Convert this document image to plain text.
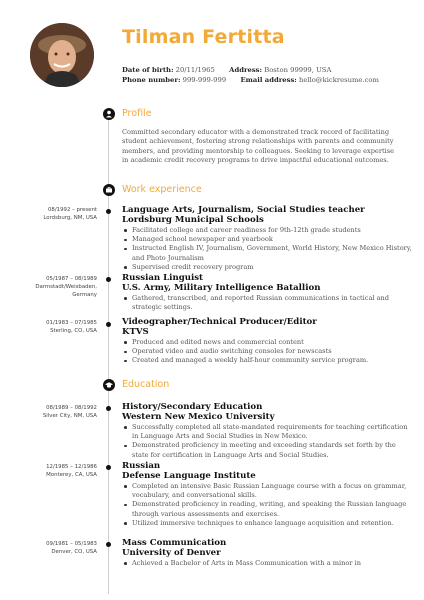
Tilman Fertitta
Date of birth: 20/11/1965 Address: Boston 99999, USA
Phone number: 999-999-999 Email address: hello@kickresume.com
Profile

Committed secondary educator with a demonstrated track record of facilitating student achievement, fostering strong relationships with parents and community members, and providing mentorship to colleagues. Seeking to leverage expertise in academic credit recovery programs to drive impactful educational outcomes.

Work experience
08/1992 – present
Lordsburg, NM, USA
Language Arts, Journalism, Social Studies teacher
Lordsburg Municipal Schools
Facilitated college and career readiness for 9th-12th grade students
Managed school newspaper and yearbook
Instructed English IV, Journalism, Government, World History, New Mexico History, and Photo Journalism
Supervised credit recovery program
05/1987 – 08/1989
Darmstadt/Weisbaden,
Germany
Russian Linguist
U.S. Army, Military Intelligence Batallion
Gathered, transcribed, and reported Russian communications in tactical and strategic settings.
01/1983 – 07/1985
Sterling, CO, USA
Videographer/Technical Producer/Editor
KTVS
Produced and edited news and commercial content
Operated video and audio switching consoles for newscasts
Created and managed a weekly half-hour community service program.
Education
08/1989 – 08/1992
Silver City, NM, USA
History/Secondary Education
Western New Mexico University
Successfully completed all state-mandated requirements for teaching certification in Language Arts and Social Studies in New Mexico.
Demonstrated proficiency in meeting and exceeding standards set forth by the state for certification in Language Arts and Social Studies.
12/1985 – 12/1986
Monterey, CA, USA
Russian
Defense Language Institute
Completed an intensive Basic Russian Language course with a focus on grammar, vocabulary, and conversational skills.
Demonstrated proficiency in reading, writing, and speaking the Russian language through various assessments and exercises.
Utilized immersive techniques to enhance language acquisition and retention.
09/1981 – 05/1983
Denver, CO, USA
Mass Communication
University of Denver
Achieved a Bachelor of Arts in Mass Communication with a minor in
